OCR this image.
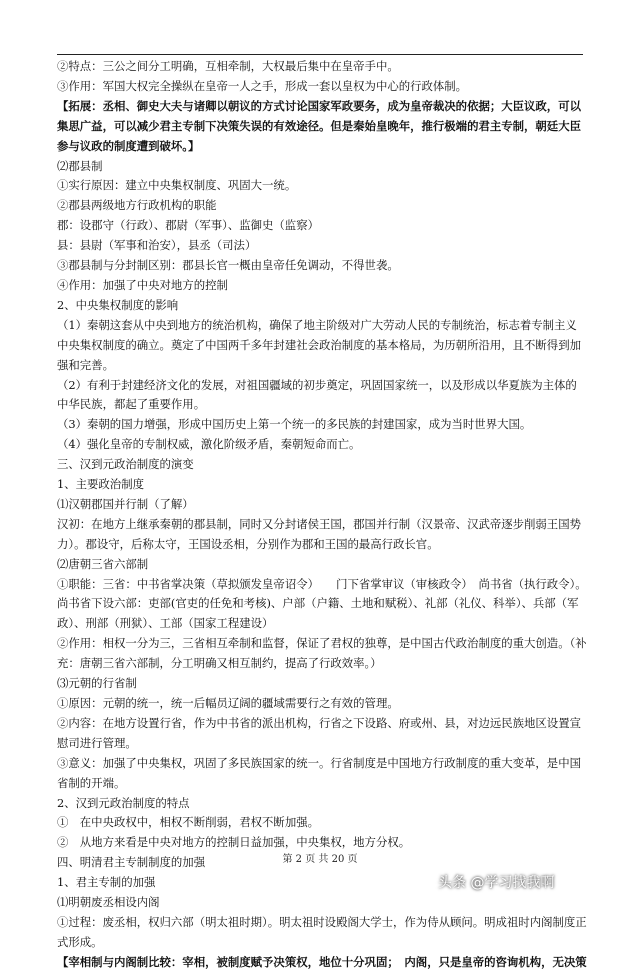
②特点：三公之间分工明确，互相牵制，大权最后集中在皇帝手中。
③作用：军国大权完全操纵在皇帝一人之手，形成一套以皇权为中心的行政体制。
【拓展：丞相、御史大夫与诸卿以朝议的方式讨论国家军政要务，成为皇帝裁决的依据；大臣议政，可以集思广益，可以减少君主专制下决策失误的有效途径。但是秦始皇晚年，推行极端的君主专制，朝廷大臣参与议政的制度遭到破坏。】
⑵郡县制
①实行原因：建立中央集权制度、巩固大一统。
②郡县两级地方行政机构的职能
郡：设郡守（行政）、郡尉（军事）、监御史（监察）
县：县尉（军事和治安），县丞（司法）
③郡县制与分封制区别：郡县长官一概由皇帝任免调动，不得世袭。
④作用：加强了中央对地方的控制
2、中央集权制度的影响
（1）秦朝这套从中央到地方的统治机构，确保了地主阶级对广大劳动人民的专制统治，标志着专制主义中央集权制度的确立。奠定了中国两千多年封建社会政治制度的基本格局，为历朝所沿用，且不断得到加强和完善。
（2）有利于封建经济文化的发展，对祖国疆域的初步奠定，巩固国家统一，以及形成以华夏族为主体的中华民族，都起了重要作用。
（3）秦朝的国力增强，形成中国历史上第一个统一的多民族的封建国家，成为当时世界大国。
（4）强化皇帝的专制权威，激化阶级矛盾，秦朝短命而亡。
三、汉到元政治制度的演变
1、主要政治制度
⑴汉朝郡国并行制（了解）
汉初：在地方上继承秦朝的郡县制，同时又分封诸侯王国，郡国并行制（汉景帝、汉武帝逐步削弱王国势力）。郡设守，后称太守，王国设丞相，分别作为郡和王国的最高行政长官。
⑵唐朝三省六部制
①职能：三省：中书省掌决策（草拟颁发皇帝诏令）　　门下省掌审议（审核政令）　尚书省（执行政令）。尚书省下设六部：吏部(官吏的任免和考核)、户部（户籍、土地和赋税）、礼部（礼仪、科举）、兵部（军政）、刑部（刑狱）、工部（国家工程建设）
②作用：相权一分为三，三省相互牵制和监督，保证了君权的独尊，是中国古代政治制度的重大创造。（补充：唐朝三省六部制，分工明确又相互制约，提高了行政效率。）
⑶元朝的行省制
①原因：元朝的统一，统一后幅员辽阔的疆域需要行之有效的管理。
②内容：在地方设置行省，作为中书省的派出机构，行省之下设路、府或州、县，对边远民族地区设置宣慰司进行管理。
③意义：加强了中央集权，巩固了多民族国家的统一。行省制度是中国地方行政制度的重大变革，是中国省制的开端。
2、汉到元政治制度的特点
①　在中央政权中，相权不断削弱，君权不断加强。
②　从地方来看是中央对地方的控制日益加强，中央集权，地方分权。
四、明清君主专制制度的加强
1、君主专制的加强
⑴明朝废丞相设内阁
①过程：废丞相，权归六部（明太祖时期）。明太祖时设殿阁大学士，作为侍从顾问。明成祖时内阁制度正式形成。
【宰相制与内阁制比较：宰相，被制度赋予决策权，地位十分巩固；　内阁，只是皇帝的咨询机构，无决策
第 2 页 共 20 页
头条 @学习找我啊
